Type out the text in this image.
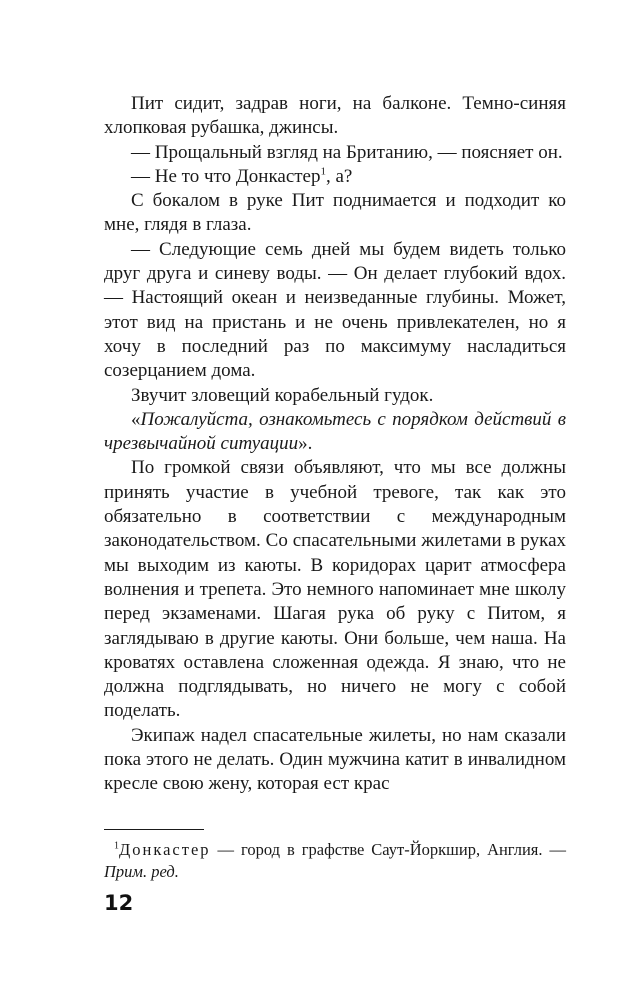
Пит сидит, задрав ноги, на балконе. Темно-синяя хлопковая рубашка, джинсы.

— Прощальный взгляд на Британию, — поясняет он.

— Не то что Донкастер$^1$, а?

С бокалом в руке Пит поднимается и подходит ко мне, глядя в глаза.

— Следующие семь дней мы будем видеть только друг друга и синеву воды. — Он делает глубокий вдох. — Настоящий океан и неизведанные глубины. Может, этот вид на пристань и не очень привлекателен, но я хочу в последний раз по максимуму насладиться созерцанием дома.

Звучит зловещий корабельный гудок.

«Пожалуйста, ознакомьтесь с порядком действий в чрезвычайной ситуации».

По громкой связи объявляют, что мы все должны принять участие в учебной тревоге, так как это обязательно в соответствии с международным законодательством. Со спасательными жилетами в руках мы выходим из каюты. В коридорах царит атмосфера волнения и трепета. Это немного напоминает мне школу перед экзаменами. Шагая рука об руку с Питом, я заглядываю в другие каюты. Они больше, чем наша. На кроватях оставлена сложенная одежда. Я знаю, что не должна подглядывать, но ничего не могу с собой поделать.

Экипаж надел спасательные жилеты, но нам сказали пока этого не делать. Один мужчина катит в инвалидном кресле свою жену, которая ест крас

$^1$Донкастер — город в графстве Саут-Йоркшир, Англия. — Прим. ред.

12
